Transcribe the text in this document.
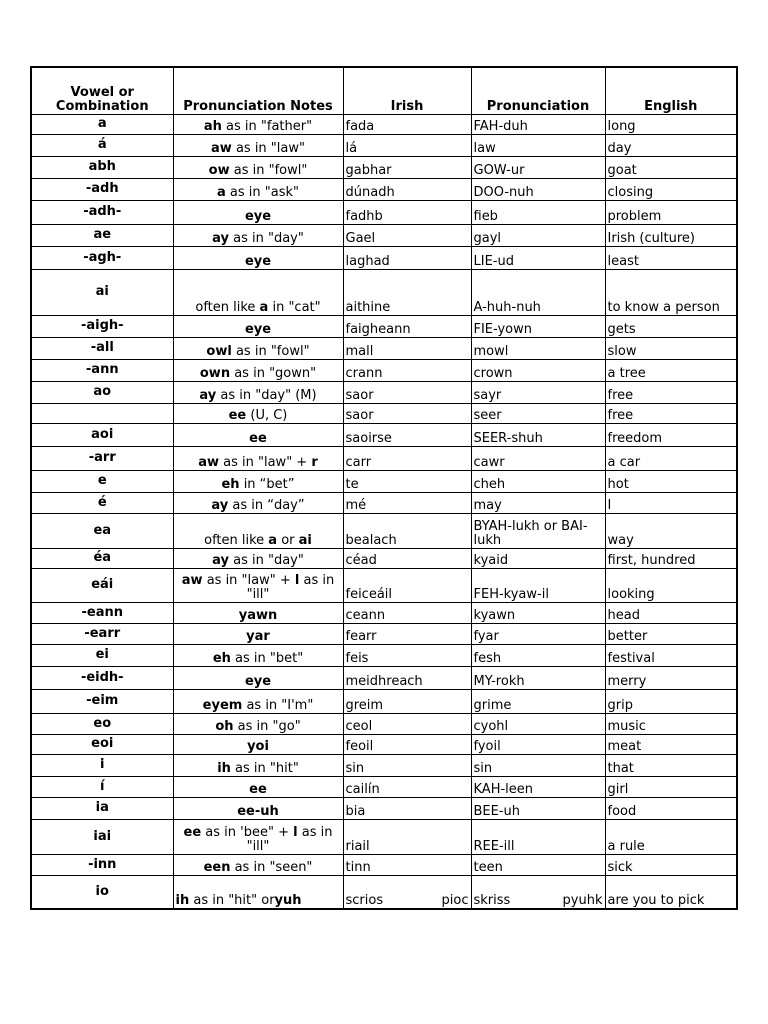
Vowel or Combination	Pronunciation Notes	Irish	Pronunciation	English
a	ah as in "father"	fada	FAH-duh	long
á	aw as in "law"	lá	law	day
abh	ow as in "fowl"	gabhar	GOW-ur	goat
-adh	a as in "ask"	dúnadh	DOO-nuh	closing
-adh-	eye	fadhb	fieb	problem
ae	ay as in "day"	Gael	gayl	Irish (culture)
-agh-	eye	laghad	LIE-ud	least
ai	often like a in "cat"	aithine	A-huh-nuh	to know a person
-aigh-	eye	faigheann	FIE-yown	gets
-all	owl as in "fowl"	mall	mowl	slow
-ann	own as in "gown"	crann	crown	a tree
ao	ay as in "day" (M)	saor	sayr	free
	ee (U, C)	saor	seer	free
aoi	ee	saoirse	SEER-shuh	freedom
-arr	aw as in "law" + r	carr	cawr	a car
e	eh in “bet”	te	cheh	hot
é	ay as in “day”	mé	may	I
ea	often like a or ai	bealach	BYAH-lukh or BAI-lukh	way
éa	ay as in "day"	céad	kyaid	first, hundred
eái	aw as in "law" + l as in "ill"	feiceáil	FEH-kyaw-il	looking
-eann	yawn	ceann	kyawn	head
-earr	yar	fearr	fyar	better
ei	eh as in "bet"	feis	fesh	festival
-eidh-	eye	meidhreach	MY-rokh	merry
-eim	eyem as in "I'm"	greim	grime	grip
eo	oh as in "go"	ceol	cyohl	music
eoi	yoi	feoil	fyoil	meat
i	ih as in "hit"	sin	sin	that
í	ee	cailín	KAH-leen	girl
ia	ee-uh	bia	BEE-uh	food
iai	ee as in 'bee" + l as in "ill"	riail	REE-ill	a rule
-inn	een as in "seen"	tinn	teen	sick
io	ih as in "hit" oryuh	scrios pioc	skriss pyuhk	are you to pick
